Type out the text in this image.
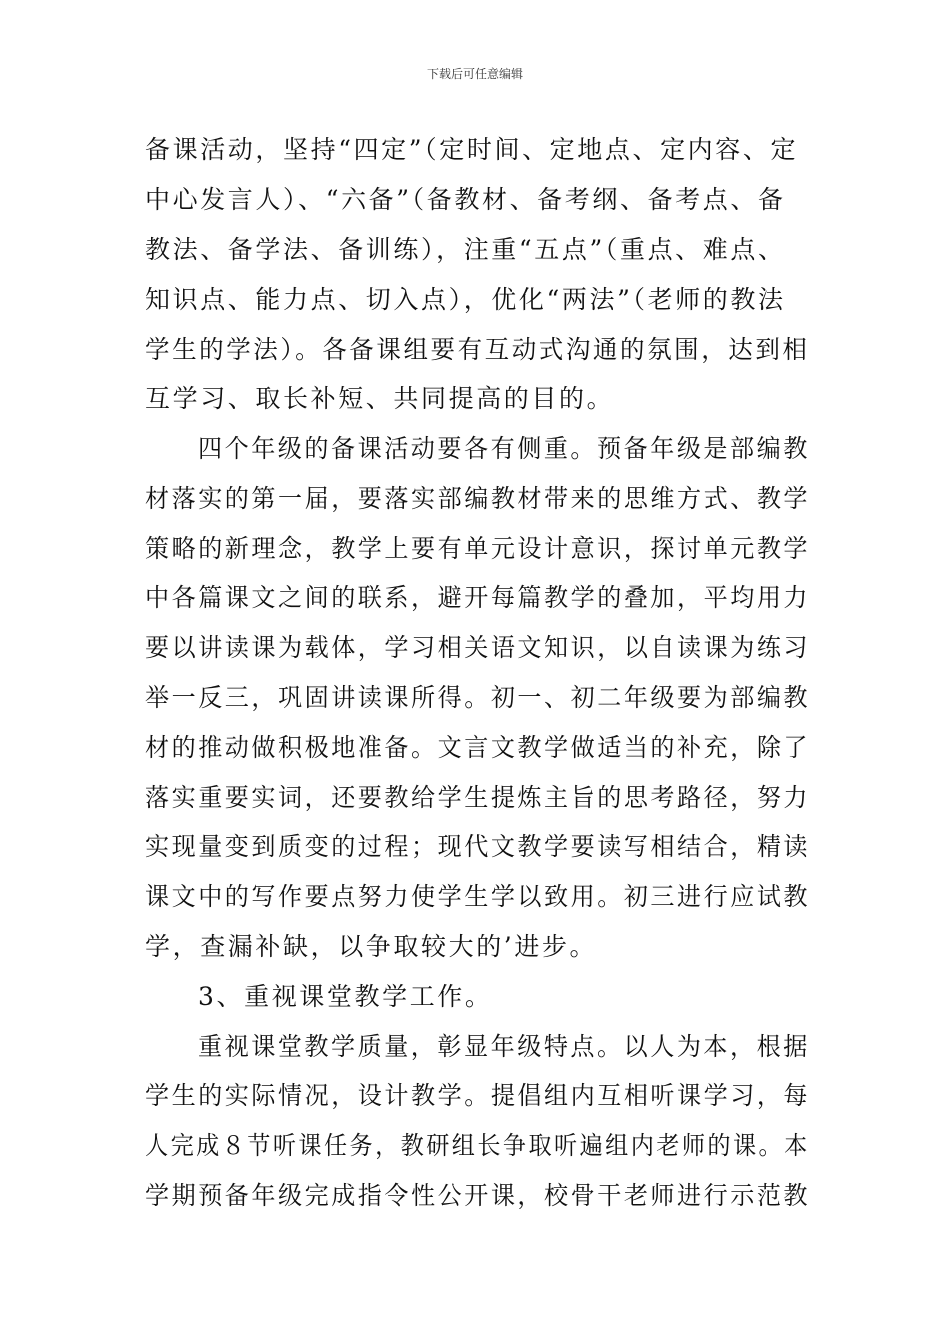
下载后可任意编辑
备课活动，坚持“四定”（定时间、定地点、定内容、定
中心发言人）、“六备”（备教材、备考纲、备考点、备
教法、备学法、备训练），注重“五点”（重点、难点、
知识点、能力点、切入点），优化“两法”（老师的教法
学生的学法）。各备课组要有互动式沟通的氛围，达到相
互学习、取长补短、共同提高的目的。
四个年级的备课活动要各有侧重。预备年级是部编教
材落实的第一届，要落实部编教材带来的思维方式、教学
策略的新理念，教学上要有单元设计意识，探讨单元教学
中各篇课文之间的联系，避开每篇教学的叠加，平均用力
要以讲读课为载体，学习相关语文知识，以自读课为练习
举一反三，巩固讲读课所得。初一、初二年级要为部编教
材的推动做积极地准备。文言文教学做适当的补充，除了
落实重要实词，还要教给学生提炼主旨的思考路径，努力
实现量变到质变的过程；现代文教学要读写相结合，精读
课文中的写作要点努力使学生学以致用。初三进行应试教
学，查漏补缺，以争取较大的’进步。
3、重视课堂教学工作。
重视课堂教学质量，彰显年级特点。以人为本，根据
学生的实际情况，设计教学。提倡组内互相听课学习，每
人完成８节听课任务，教研组长争取听遍组内老师的课。本
学期预备年级完成指令性公开课，校骨干老师进行示范教
